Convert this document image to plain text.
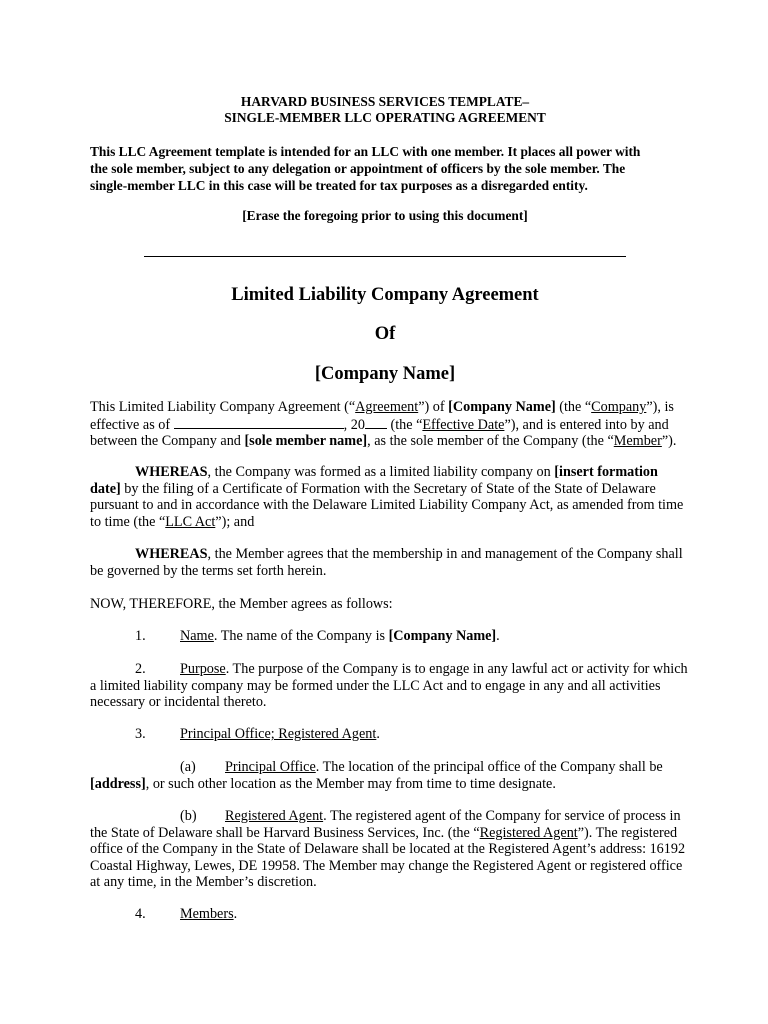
HARVARD BUSINESS SERVICES TEMPLATE–
SINGLE-MEMBER LLC OPERATING AGREEMENT
This LLC Agreement template is intended for an LLC with one member. It places all power with
the sole member, subject to any delegation or appointment of officers by the sole member. The
single-member LLC in this case will be treated for tax purposes as a disregarded entity.
[Erase the foregoing prior to using this document]
Limited Liability Company Agreement
Of
[Company Name]
This Limited Liability Company Agreement (“Agreement”) of [Company Name] (the “Company”), is
effective as of	, 20 (the “Effective Date”), and is entered into by and
between the Company and [sole member name], as the sole member of the Company (the “Member”).
WHEREAS, the Company was formed as a limited liability company on [insert formation
date] by the filing of a Certificate of Formation with the Secretary of State of the State of Delaware
pursuant to and in accordance with the Delaware Limited Liability Company Act, as amended from time
to time (the “LLC Act”); and
WHEREAS, the Member agrees that the membership in and management of the Company shall
be governed by the terms set forth herein.
NOW, THEREFORE, the Member agrees as follows:
1. Name. The name of the Company is [Company Name].
2. Purpose. The purpose of the Company is to engage in any lawful act or activity for which
a limited liability company may be formed under the LLC Act and to engage in any and all activities
necessary or incidental thereto.
3. Principal Office; Registered Agent.
(a) Principal Office. The location of the principal office of the Company shall be
[address], or such other location as the Member may from time to time designate.
(b) Registered Agent. The registered agent of the Company for service of process in
the State of Delaware shall be Harvard Business Services, Inc. (the “Registered Agent”). The registered
office of the Company in the State of Delaware shall be located at the Registered Agent’s address: 16192
Coastal Highway, Lewes, DE 19958. The Member may change the Registered Agent or registered office
at any time, in the Member’s discretion.
4. Members.
